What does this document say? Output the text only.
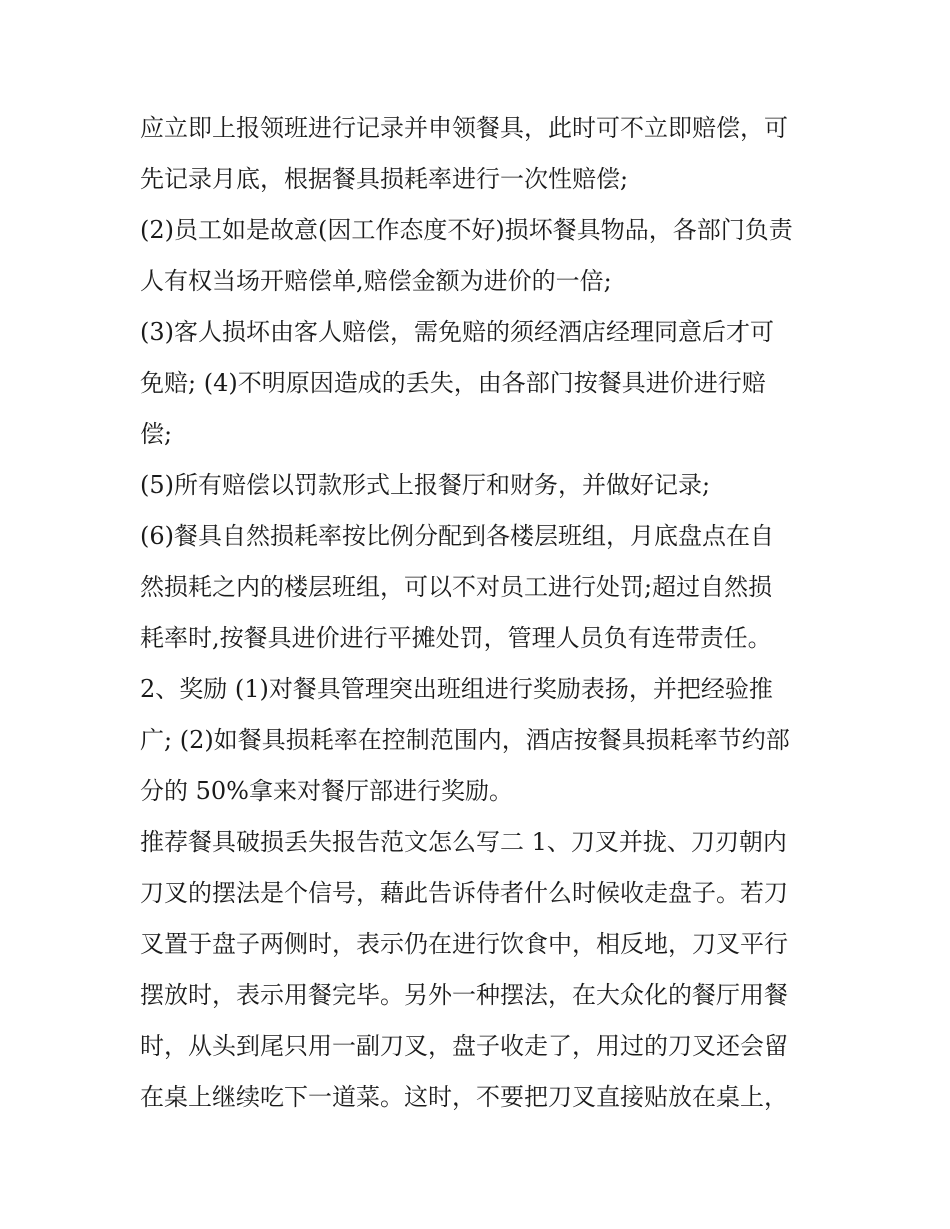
应立即上报领班进行记录并申领餐具，此时可不立即赔偿，可
先记录月底，根据餐具损耗率进行一次性赔偿;
(2)员工如是故意(因工作态度不好)损坏餐具物品，各部门负责
人有权当场开赔偿单,赔偿金额为进价的一倍;
(3)客人损坏由客人赔偿，需免赔的须经酒店经理同意后才可
免赔; (4)不明原因造成的丢失，由各部门按餐具进价进行赔
偿;
(5)所有赔偿以罚款形式上报餐厅和财务，并做好记录;
(6)餐具自然损耗率按比例分配到各楼层班组，月底盘点在自
然损耗之内的楼层班组，可以不对员工进行处罚;超过自然损
耗率时,按餐具进价进行平摊处罚，管理人员负有连带责任。
2、奖励 (1)对餐具管理突出班组进行奖励表扬，并把经验推
广; (2)如餐具损耗率在控制范围内，酒店按餐具损耗率节约部
分的 50%拿来对餐厅部进行奖励。
推荐餐具破损丢失报告范文怎么写二 1、刀叉并拢、刀刃朝内
刀叉的摆法是个信号，藉此告诉侍者什么时候收走盘子。若刀
叉置于盘子两侧时，表示仍在进行饮食中，相反地，刀叉平行
摆放时，表示用餐完毕。另外一种摆法，在大众化的餐厅用餐
时，从头到尾只用一副刀叉，盘子收走了，用过的刀叉还会留
在桌上继续吃下一道菜。这时，不要把刀叉直接贴放在桌上，
